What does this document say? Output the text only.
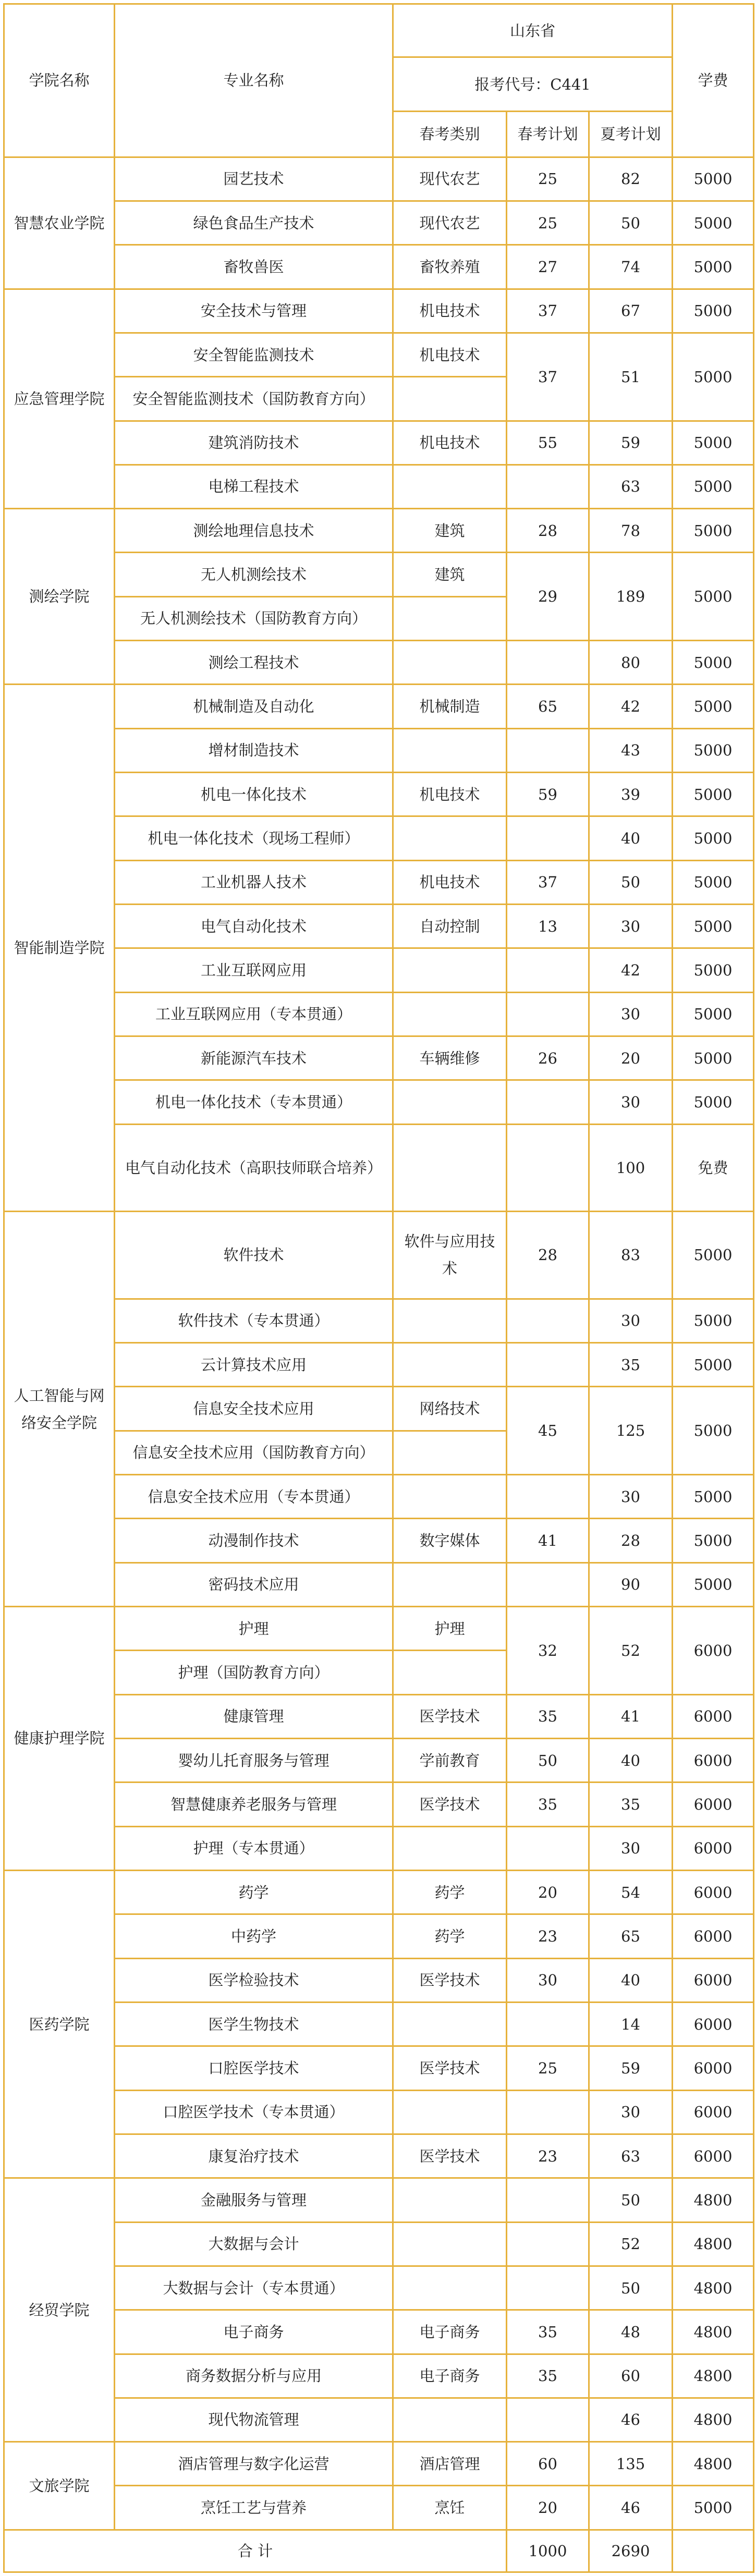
学院名称	专业名称	山东省			学费
		报考代号：C441			
		春考类别	春考计划	夏考计划	
智慧农业学院	园艺技术	现代农艺	25	82	5000
	绿色食品生产技术	现代农艺	25	50	5000
	畜牧兽医	畜牧养殖	27	74	5000
应急管理学院	安全技术与管理	机电技术	37	67	5000
	安全智能监测技术	机电技术	37	51	5000
	安全智能监测技术（国防教育方向）				
	建筑消防技术	机电技术	55	59	5000
	电梯工程技术			63	5000
测绘学院	测绘地理信息技术	建筑	28	78	5000
	无人机测绘技术	建筑	29	189	5000
	无人机测绘技术（国防教育方向）				
	测绘工程技术			80	5000
智能制造学院	机械制造及自动化	机械制造	65	42	5000
	增材制造技术			43	5000
	机电一体化技术	机电技术	59	39	5000
	机电一体化技术（现场工程师）			40	5000
	工业机器人技术	机电技术	37	50	5000
	电气自动化技术	自动控制	13	30	5000
	工业互联网应用			42	5000
	工业互联网应用（专本贯通）			30	5000
	新能源汽车技术	车辆维修	26	20	5000
	机电一体化技术（专本贯通）			30	5000
	电气自动化技术（高职技师联合培养）			100	免费
人工智能与网络安全学院	软件技术	软件与应用技术	28	83	5000
	软件技术（专本贯通）			30	5000
	云计算技术应用			35	5000
	信息安全技术应用	网络技术	45	125	5000
	信息安全技术应用（国防教育方向）				
	信息安全技术应用（专本贯通）			30	5000
	动漫制作技术	数字媒体	41	28	5000
	密码技术应用			90	5000
健康护理学院	护理	护理	32	52	6000
	护理（国防教育方向）				
	健康管理	医学技术	35	41	6000
	婴幼儿托育服务与管理	学前教育	50	40	6000
	智慧健康养老服务与管理	医学技术	35	35	6000
	护理（专本贯通）			30	6000
医药学院	药学	药学	20	54	6000
	中药学	药学	23	65	6000
	医学检验技术	医学技术	30	40	6000
	医学生物技术			14	6000
	口腔医学技术	医学技术	25	59	6000
	口腔医学技术（专本贯通）			30	6000
	康复治疗技术	医学技术	23	63	6000
经贸学院	金融服务与管理			50	4800
	大数据与会计			52	4800
	大数据与会计（专本贯通）			50	4800
	电子商务	电子商务	35	48	4800
	商务数据分析与应用	电子商务	35	60	4800
	现代物流管理			46	4800
文旅学院	酒店管理与数字化运营	酒店管理	60	135	4800
	烹饪工艺与营养	烹饪	20	46	5000
合 计			1000	2690	
